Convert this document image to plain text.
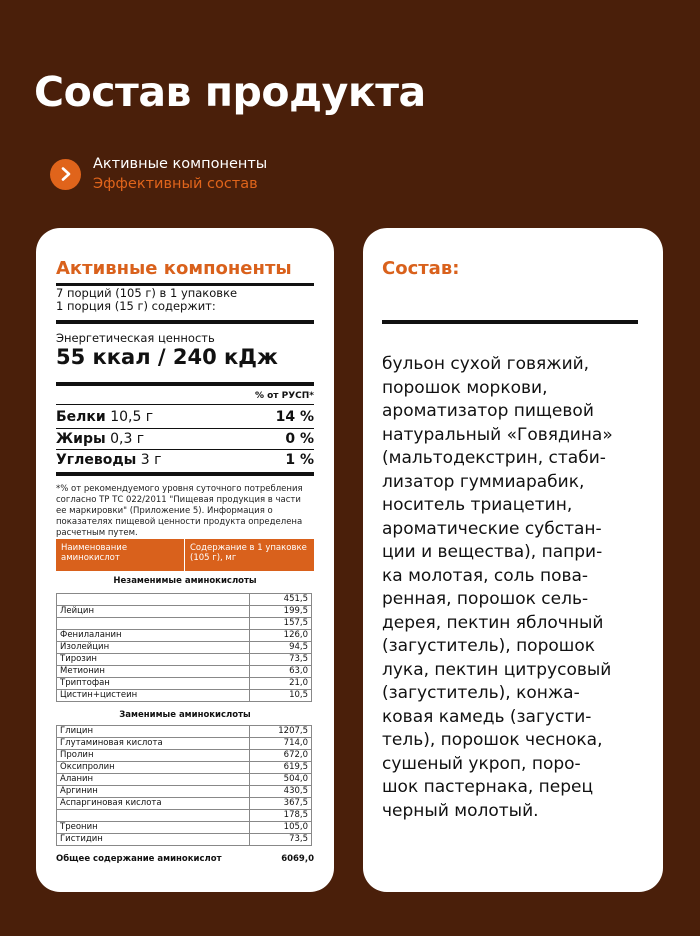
Состав продукта
Активные компоненты
Эффективный состав
Активные компоненты
7 порций (105 г) в 1 упаковке
1 порция (15 г) содержит:
Энергетическая ценность
55 ккал / 240 кДж
% от РУСП*
Белки 10,5 г	14 %
Жиры 0,3 г	0 %
Углеводы 3 г	1 %
*% от рекомендуемого уровня суточного потребления согласно ТР ТС 022/2011 "Пищевая продукция в части ее маркировки" (Приложение 5). Информация о показателях пищевой ценности продукта определена расчетным путем.
Наименование аминокислот
Содержание в 1 упаковке (105 г), мг
Незаменимые аминокислоты
	451,5
Лейцин	199,5
	157,5
Фенилаланин	126,0
Изолейцин	94,5
Тирозин	73,5
Метионин	63,0
Триптофан	21,0
Цистин+цистеин	10,5
Заменимые аминокислоты
Глицин	1207,5
Глутаминовая кислота	714,0
Пролин	672,0
Оксипролин	619,5
Аланин	504,0
Аргинин	430,5
Аспаргиновая кислота	367,5
	178,5
Треонин	105,0
Гистидин	73,5
Общее содержание аминокислот	6069,0
Состав:
бульон сухой говяжий,
порошок моркови,
ароматизатор пищевой
натуральный «Говядина»
(мальтодекстрин, стаби-
лизатор гуммиарабик,
носитель триацетин,
ароматические субстан-
ции и вещества), папри-
ка молотая, соль пова-
ренная, порошок сель-
дерея, пектин яблочный
(загуститель), порошок
лука, пектин цитрусовый
(загуститель), конжа-
ковая камедь (загусти-
тель), порошок чеснока,
сушеный укроп, поро-
шок пастернака, перец
черный молотый.
